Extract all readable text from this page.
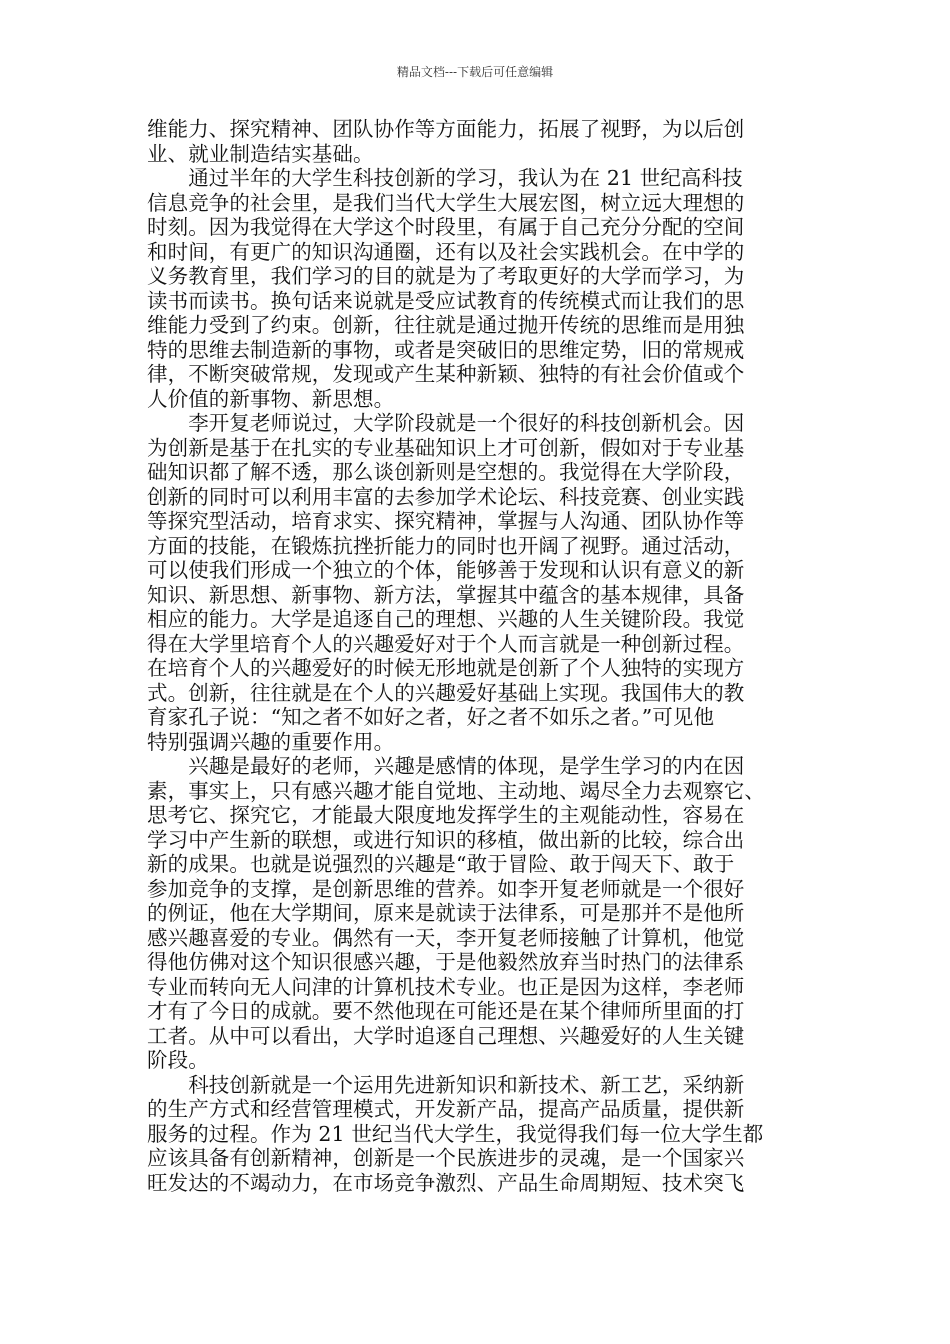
精品文档---下载后可任意编辑
维能力、探究精神、团队协作等方面能力，拓展了视野，为以后创
业、就业制造结实基础。
　　通过半年的大学生科技创新的学习，我认为在 21 世纪高科技
信息竞争的社会里，是我们当代大学生大展宏图，树立远大理想的
时刻。因为我觉得在大学这个时段里，有属于自己充分分配的空间
和时间，有更广的知识沟通圈，还有以及社会实践机会。在中学的
义务教育里，我们学习的目的就是为了考取更好的大学而学习，为
读书而读书。换句话来说就是受应试教育的传统模式而让我们的思
维能力受到了约束。创新，往往就是通过抛开传统的思维而是用独
特的思维去制造新的事物，或者是突破旧的思维定势，旧的常规戒
律，不断突破常规，发现或产生某种新颖、独特的有社会价值或个
人价值的新事物、新思想。
　　李开复老师说过，大学阶段就是一个很好的科技创新机会。因
为创新是基于在扎实的专业基础知识上才可创新，假如对于专业基
础知识都了解不透，那么谈创新则是空想的。我觉得在大学阶段，
创新的同时可以利用丰富的去参加学术论坛、科技竞赛、创业实践
等探究型活动，培育求实、探究精神，掌握与人沟通、团队协作等
方面的技能，在锻炼抗挫折能力的同时也开阔了视野。通过活动，
可以使我们形成一个独立的个体，能够善于发现和认识有意义的新
知识、新思想、新事物、新方法，掌握其中蕴含的基本规律，具备
相应的能力。大学是追逐自己的理想、兴趣的人生关键阶段。我觉
得在大学里培育个人的兴趣爱好对于个人而言就是一种创新过程。
在培育个人的兴趣爱好的时候无形地就是创新了个人独特的实现方
式。创新，往往就是在个人的兴趣爱好基础上实现。我国伟大的教
育家孔子说：“知之者不如好之者，好之者不如乐之者。”可见他
特别强调兴趣的重要作用。
　　兴趣是最好的老师，兴趣是感情的体现，是学生学习的内在因
素，事实上，只有感兴趣才能自觉地、主动地、竭尽全力去观察它、
思考它、探究它，才能最大限度地发挥学生的主观能动性，容易在
学习中产生新的联想，或进行知识的移植，做出新的比较，综合出
新的成果。也就是说强烈的兴趣是“敢于冒险、敢于闯天下、敢于
参加竞争的支撑，是创新思维的营养。如李开复老师就是一个很好
的例证，他在大学期间，原来是就读于法律系，可是那并不是他所
感兴趣喜爱的专业。偶然有一天，李开复老师接触了计算机，他觉
得他仿佛对这个知识很感兴趣，于是他毅然放弃当时热门的法律系
专业而转向无人问津的计算机技术专业。也正是因为这样，李老师
才有了今日的成就。要不然他现在可能还是在某个律师所里面的打
工者。从中可以看出，大学时追逐自己理想、兴趣爱好的人生关键
阶段。
　　科技创新就是一个运用先进新知识和新技术、新工艺，采纳新
的生产方式和经营管理模式，开发新产品，提高产品质量，提供新
服务的过程。作为 21 世纪当代大学生，我觉得我们每一位大学生都
应该具备有创新精神，创新是一个民族进步的灵魂，是一个国家兴
旺发达的不竭动力，在市场竞争激烈、产品生命周期短、技术突飞
